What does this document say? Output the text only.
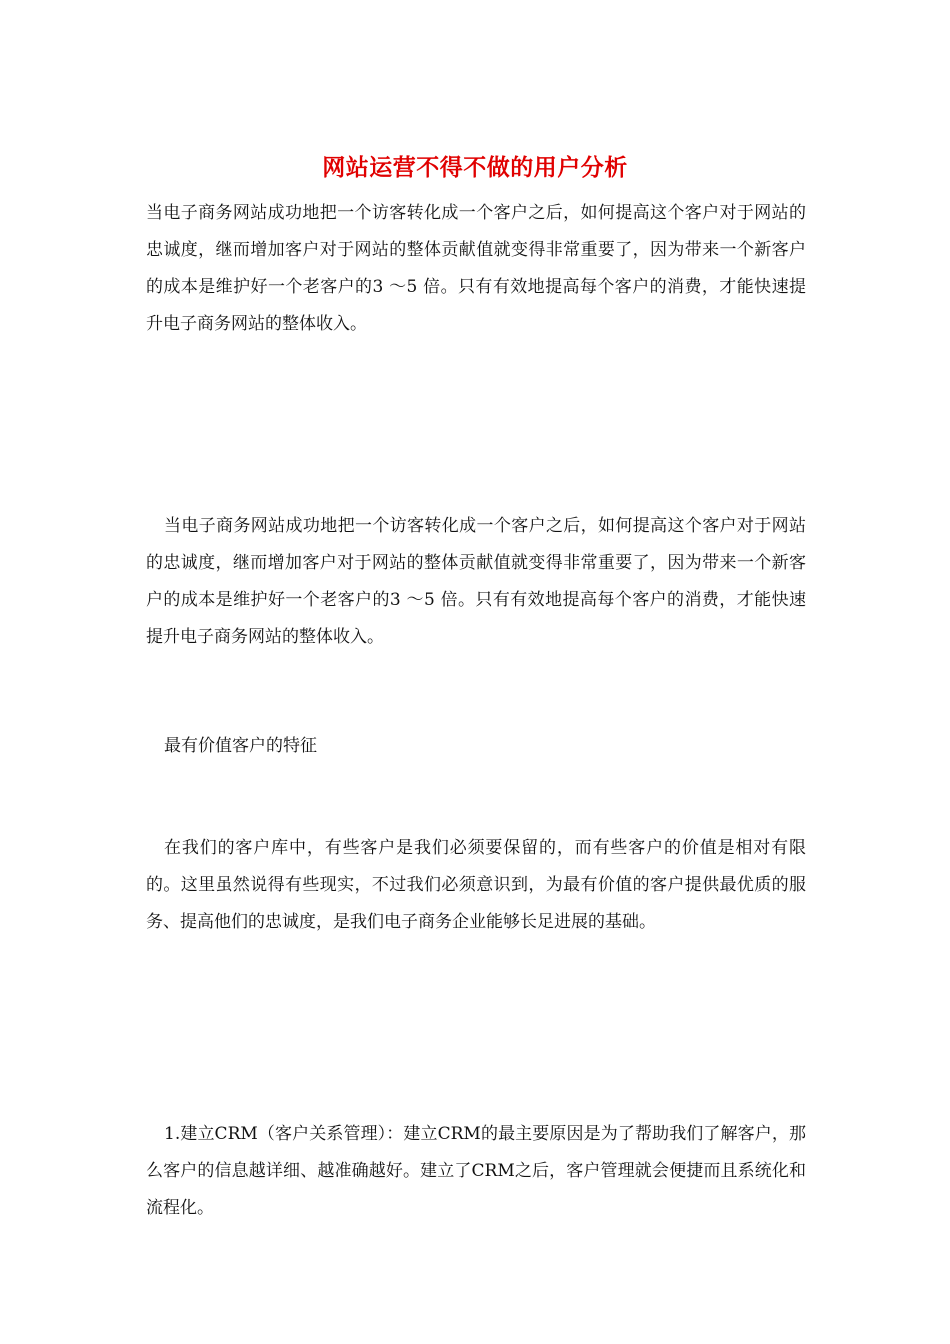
网站运营不得不做的用户分析

当电子商务网站成功地把一个访客转化成一个客户之后，如何提高这个客户对于网站的忠诚度，继而增加客户对于网站的整体贡献值就变得非常重要了，因为带来一个新客户的成本是维护好一个老客户的3 ～5 倍。只有有效地提高每个客户的消费，才能快速提升电子商务网站的整体收入。

当电子商务网站成功地把一个访客转化成一个客户之后，如何提高这个客户对于网站的忠诚度，继而增加客户对于网站的整体贡献值就变得非常重要了，因为带来一个新客户的成本是维护好一个老客户的3 ～5 倍。只有有效地提高每个客户的消费，才能快速提升电子商务网站的整体收入。

最有价值客户的特征

在我们的客户库中，有些客户是我们必须要保留的，而有些客户的价值是相对有限的。这里虽然说得有些现实，不过我们必须意识到，为最有价值的客户提供最优质的服务、提高他们的忠诚度，是我们电子商务企业能够长足进展的基础。

1.建立CRM（客户关系管理）：建立CRM的最主要原因是为了帮助我们了解客户，那么客户的信息越详细、越准确越好。建立了CRM之后，客户管理就会便捷而且系统化和流程化。
